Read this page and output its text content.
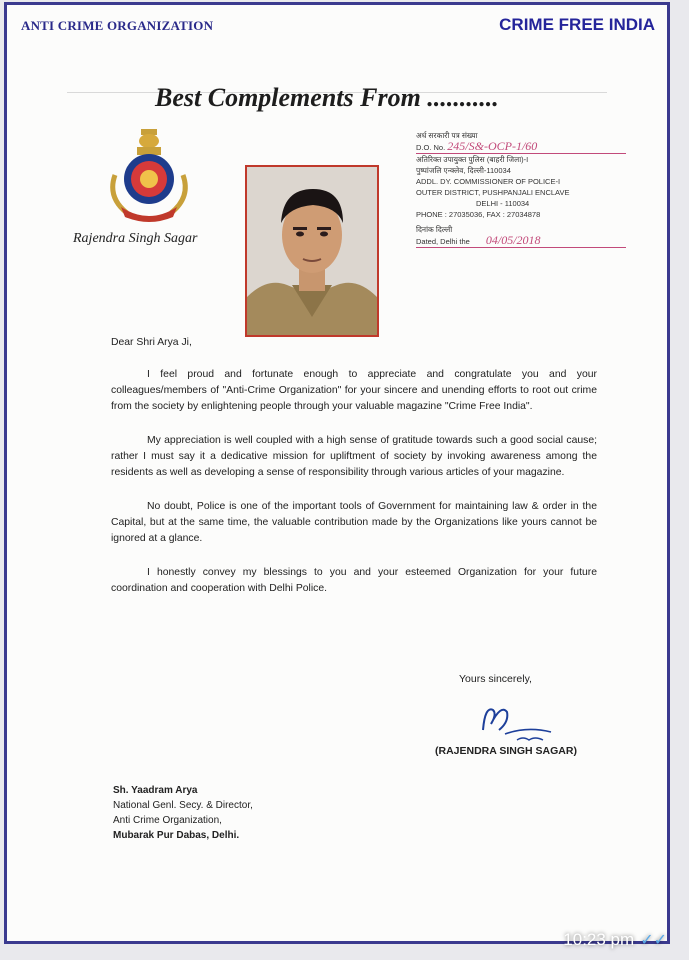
ANTI CRIME ORGANIZATION	CRIME FREE INDIA
Best Complements From ...........
Rajendra Singh Sagar
अर्ध सरकारी पत्र संख्या
D.O. No. 245/S&-OCP-1/60
अतिरिक्त उपायुक्त पुलिस (बाहरी जिला)-I
पुष्पांजलि एन्क्लेव, दिल्ली-110034
ADDL. DY. COMMISSIONER OF POLICE-I
OUTER DISTRICT, PUSHPANJALI ENCLAVE
DELHI - 110034
PHONE : 27035036, FAX : 27034878
दिनांक दिल्ली
Dated, Delhi the 04/05/2018
Dear Shri Arya Ji,

I feel proud and fortunate enough to appreciate and congratulate you and your colleagues/members of "Anti-Crime Organization" for your sincere and unending efforts to root out crime from the society by enlightening people through your valuable magazine "Crime Free India".

My appreciation is well coupled with a high sense of gratitude towards such a good social cause; rather I must say it a dedicative mission for upliftment of society by invoking awareness among the residents as well as developing a sense of responsibility through various articles of your magazine.

No doubt, Police is one of the important tools of Government for maintaining law & order in the Capital, but at the same time, the valuable contribution made by the Organizations like yours cannot be ignored at a glance.

I honestly convey my blessings to you and your esteemed Organization for your future coordination and cooperation with Delhi Police.

Yours sincerely,
(RAJENDRA SINGH SAGAR)
Sh. Yaadram Arya
National Genl. Secy. & Director,
Anti Crime Organization,
Mubarak Pur Dabas, Delhi.
10:23 pm ✓✓
